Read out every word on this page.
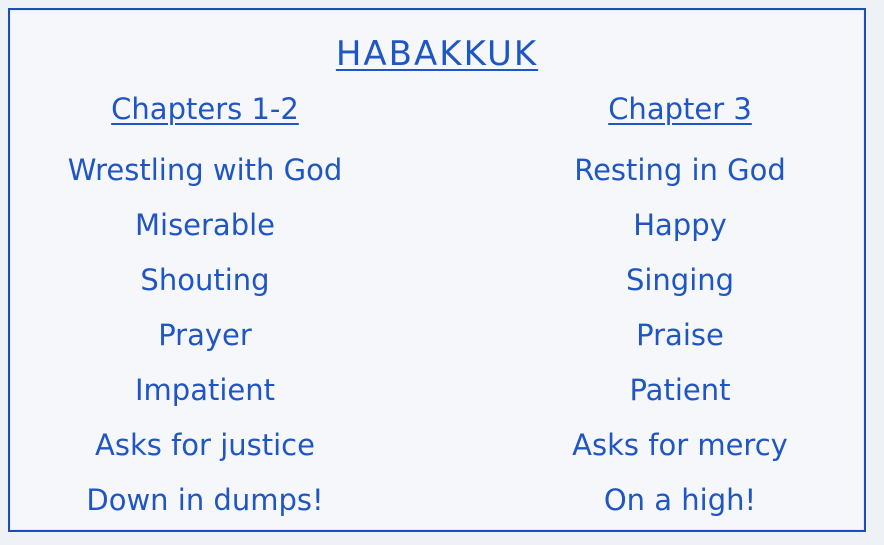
HABAKKUK
Chapters 1-2
Wrestling with God
Miserable
Shouting
Prayer
Impatient
Asks for justice
Down in dumps!
Chapter 3
Resting in God
Happy
Singing
Praise
Patient
Asks for mercy
On a high!
